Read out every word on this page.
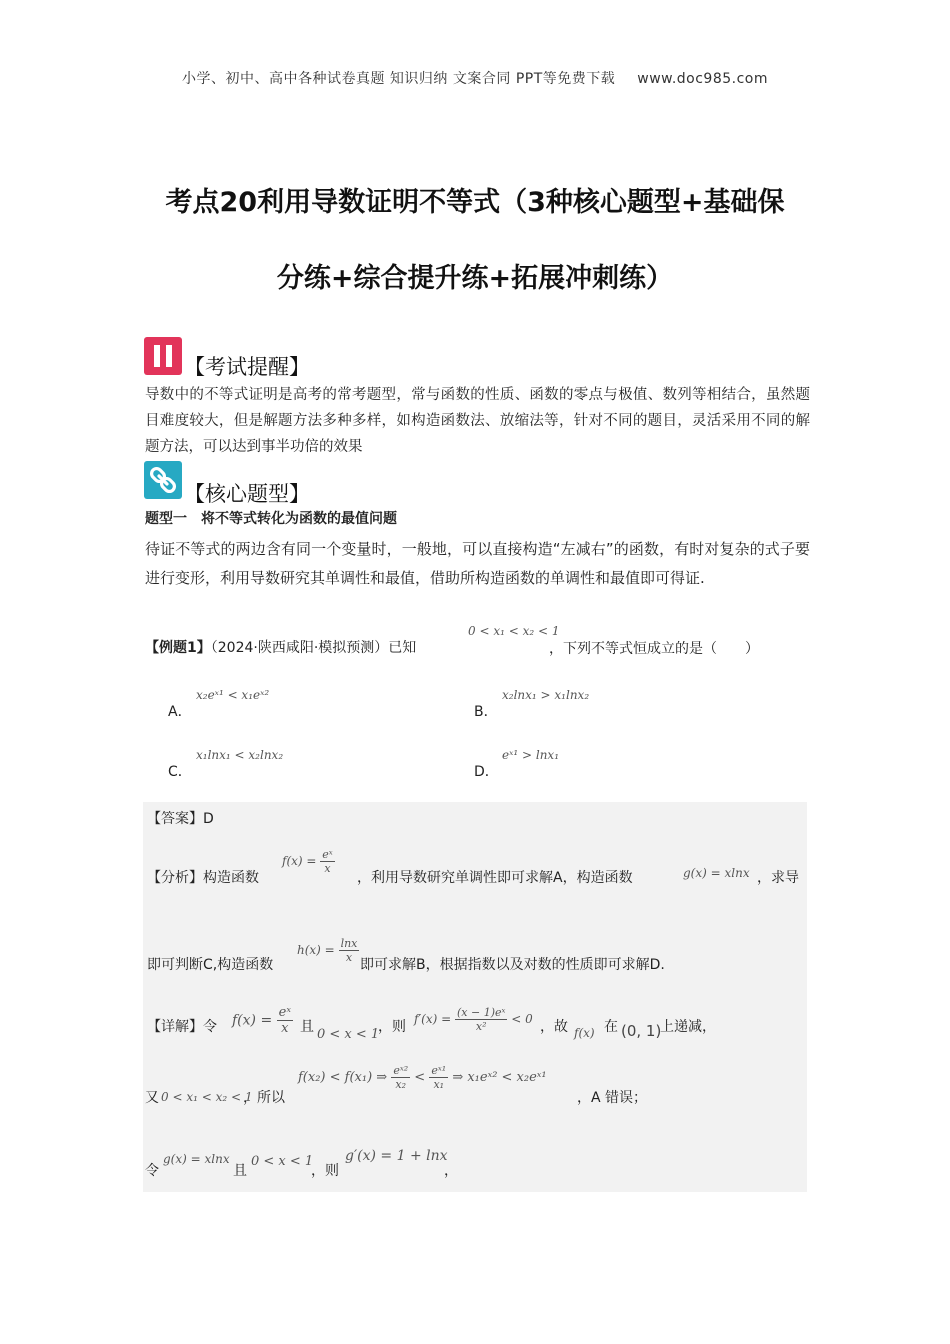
小学、初中、高中各种试卷真题 知识归纳 文案合同 PPT等免费下载 www.doc985.com
考点20利用导数证明不等式（3种核心题型+基础保
分练+综合提升练+拓展冲刺练）
【考试提醒】
导数中的不等式证明是高考的常考题型，常与函数的性质、函数的零点与极值、数列等相结合，虽然题目难度较大，但是解题方法多种多样，如构造函数法、放缩法等，针对不同的题目，灵活采用不同的解题方法，可以达到事半功倍的效果
【核心题型】
题型一　将不等式转化为函数的最值问题
待证不等式的两边含有同一个变量时，一般地，可以直接构造“左减右”的函数，有时对复杂的式子要进行变形，利用导数研究其单调性和最值，借助所构造函数的单调性和最值即可得证.
【例题1】（2024·陕西咸阳·模拟预测）已知
0 < x₁ < x₂ < 1
，下列不等式恒成立的是（　　）
A．
x₂eˣ¹ < x₁eˣ²
B．
x₂lnx₁ > x₁lnx₂
C．
x₁lnx₁ < x₂lnx₂
D．
eˣ¹ > lnx₁
【答案】D
【分析】构造函数
$f(x) = \frac{\text{eˣ}}{x}$
，利用导数研究单调性即可求解A，构造函数	g(x) = xlnx ，求导
即可判断C,构造函数
$h(x) = \frac{\ln x}{x}$
即可求解B，根据指数以及对数的性质即可求解D.
【详解】令 $f(x) = \frac{\text{eˣ}}{x}$ 且 0 < x < 1
，则 $f'(x) = \frac{\text{(x − 1)eˣ}}{\text{x²}} < 0$ ，故 f(x) 在 (0, 1)
上递减，
又 0 < x₁ < x₂ < 1
，所以
f(x₂) < f(x₁) ⇒ $\frac{\text{eˣ²}}{\text{x₂}} < \frac{\text{eˣ¹}}{\text{x₁}}$ ⇒ x₁eˣ² < x₂eˣ¹
，A 错误；
令
g(x) = xlnx
且
0 < x < 1
，则
g′(x) = 1 + lnx
，
